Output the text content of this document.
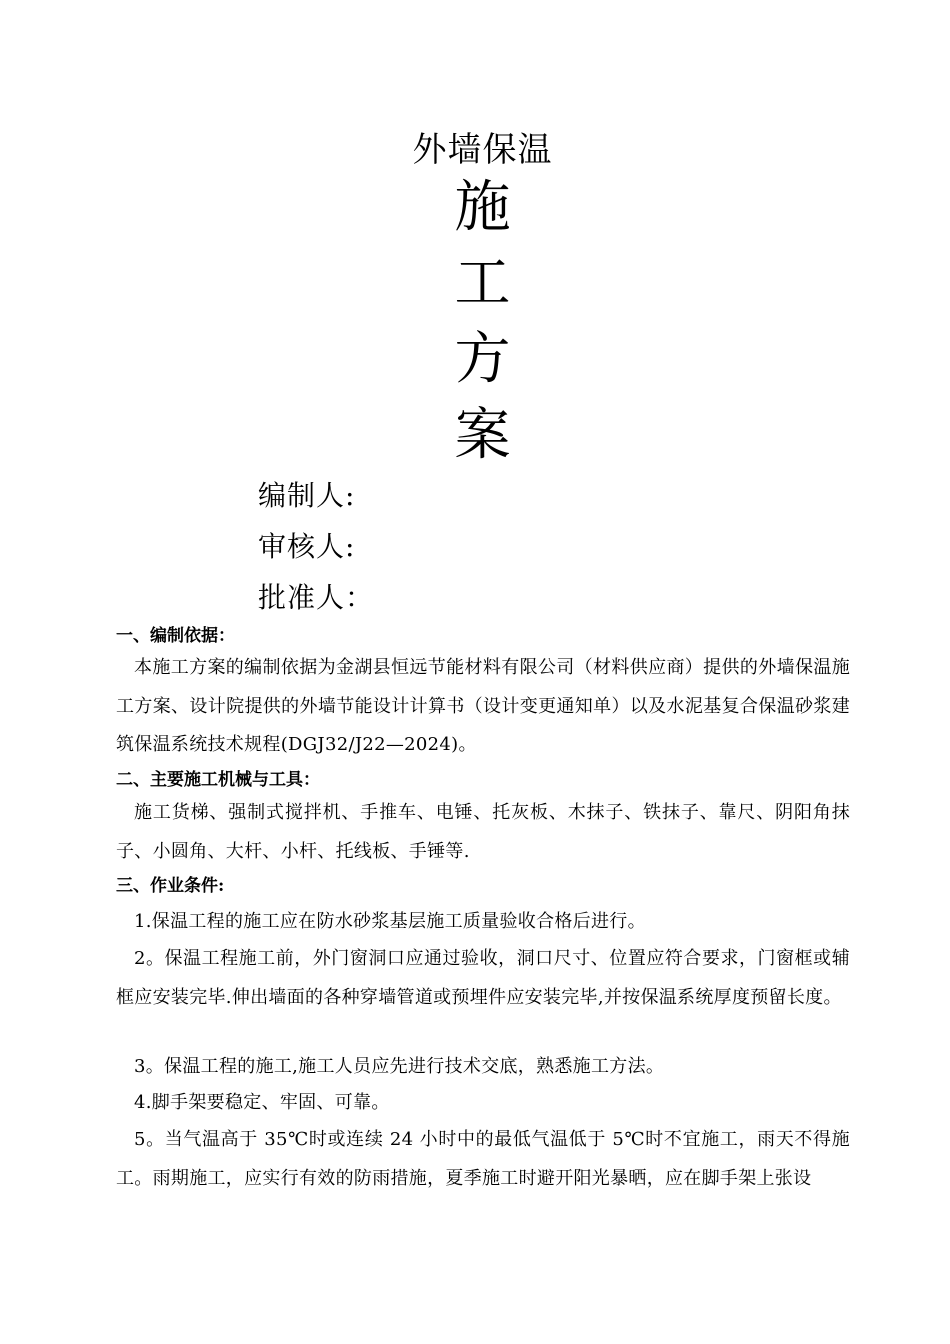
外墙保温
施
工
方
案
编制人:
审核人:
批准人：
一、编制依据：

本施工方案的编制依据为金湖县恒远节能材料有限公司（材料供应商）提供的外墙保温施工方案、设计院提供的外墙节能设计计算书（设计变更通知单）以及水泥基复合保温砂浆建筑保温系统技术规程(DGJ32/J22—2024)。

二、主要施工机械与工具：

施工货梯、强制式搅拌机、手推车、电锤、托灰板、木抹子、铁抹子、靠尺、阴阳角抹子、小圆角、大杆、小杆、托线板、手锤等.

三、作业条件:

1.保温工程的施工应在防水砂浆基层施工质量验收合格后进行。

2。保温工程施工前，外门窗洞口应通过验收，洞口尺寸、位置应符合要求，门窗框或辅框应安装完毕.伸出墙面的各种穿墙管道或预埋件应安装完毕,并按保温系统厚度预留长度。

3。保温工程的施工,施工人员应先进行技术交底，熟悉施工方法。

4.脚手架要稳定、牢固、可靠。

5。当气温高于 35℃时或连续 24 小时中的最低气温低于 5℃时不宜施工，雨天不得施工。雨期施工，应实行有效的防雨措施，夏季施工时避开阳光暴晒，应在脚手架上张设
